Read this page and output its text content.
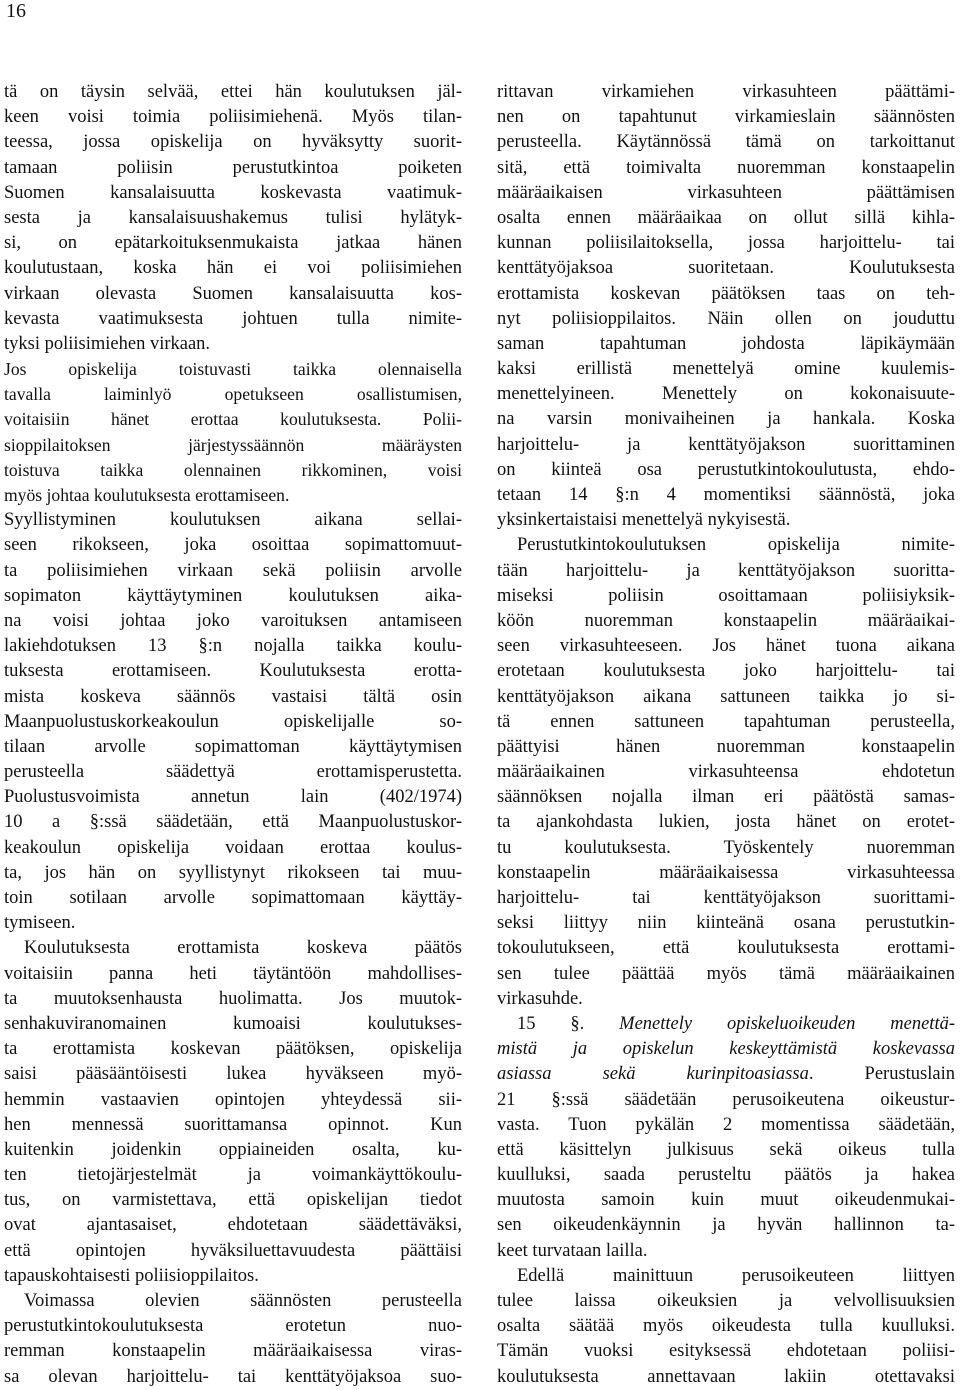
16
tä on täysin selvää, ettei hän koulutuksen jäl-
keen voisi toimia poliisimiehenä. Myös tilan-
teessa, jossa opiskelija on hyväksytty suorit-
tamaan poliisin perustutkintoa poiketen
Suomen kansalaisuutta koskevasta vaatimuk-
sesta ja kansalaisuushakemus tulisi hylätyk-
si, on epätarkoituksenmukaista jatkaa hänen
koulutustaan, koska hän ei voi poliisimiehen
virkaan olevasta Suomen kansalaisuutta kos-
kevasta vaatimuksesta johtuen tulla nimite-
tyksi poliisimiehen virkaan.
Jos opiskelija toistuvasti taikka olennaisella
tavalla laiminlyö opetukseen osallistumisen,
voitaisiin hänet erottaa koulutuksesta. Polii-
sioppilaitoksen järjestyssäännön määräysten
toistuva taikka olennainen rikkominen, voisi
myös johtaa koulutuksesta erottamiseen.
Syyllistyminen koulutuksen aikana sellai-
seen rikokseen, joka osoittaa sopimattomuut-
ta poliisimiehen virkaan sekä poliisin arvolle
sopimaton käyttäytyminen koulutuksen aika-
na voisi johtaa joko varoituksen antamiseen
lakiehdotuksen 13 §:n nojalla taikka koulu-
tuksesta erottamiseen. Koulutuksesta erotta-
mista koskeva säännös vastaisi tältä osin
Maanpuolustuskorkeakoulun opiskelijalle so-
tilaan arvolle sopimattoman käyttäytymisen
perusteella säädettyä erottamisperustetta.
Puolustusvoimista annetun lain (402/1974)
10 a §:ssä säädetään, että Maanpuolustuskor-
keakoulun opiskelija voidaan erottaa koulus-
ta, jos hän on syyllistynyt rikokseen tai muu-
toin sotilaan arvolle sopimattomaan käyttäy-
tymiseen.
Koulutuksesta erottamista koskeva päätös
voitaisiin panna heti täytäntöön mahdollises-
ta muutoksenhausta huolimatta. Jos muutok-
senhakuviranomainen kumoaisi koulutukses-
ta erottamista koskevan päätöksen, opiskelija
saisi pääsääntöisesti lukea hyväkseen myö-
hemmin vastaavien opintojen yhteydessä sii-
hen mennessä suorittamansa opinnot. Kun
kuitenkin joidenkin oppiaineiden osalta, ku-
ten tietojärjestelmät ja voimankäyttökoulu-
tus, on varmistettava, että opiskelijan tiedot
ovat ajantasaiset, ehdotetaan säädettäväksi,
että opintojen hyväksiluettavuudesta päättäisi
tapauskohtaisesti poliisioppilaitos.
Voimassa olevien säännösten perusteella
perustutkintokoulutuksesta erotetun nuo-
remman konstaapelin määräaikaisessa viras-
sa olevan harjoittelu- tai kenttätyöjaksoa suo-
rittavan virkamiehen virkasuhteen päättämi-
nen on tapahtunut virkamieslain säännösten
perusteella. Käytännössä tämä on tarkoittanut
sitä, että toimivalta nuoremman konstaapelin
määräaikaisen virkasuhteen päättämisen
osalta ennen määräaikaa on ollut sillä kihla-
kunnan poliisilaitoksella, jossa harjoittelu- tai
kenttätyöjaksoa suoritetaan. Koulutuksesta
erottamista koskevan päätöksen taas on teh-
nyt poliisioppilaitos. Näin ollen on jouduttu
saman tapahtuman johdosta läpikäymään
kaksi erillistä menettelyä omine kuulemis-
menettelyineen. Menettely on kokonaisuute-
na varsin monivaiheinen ja hankala. Koska
harjoittelu- ja kenttätyöjakson suorittaminen
on kiinteä osa perustutkintokoulutusta, ehdo-
tetaan 14 §:n 4 momentiksi säännöstä, joka
yksinkertaistaisi menettelyä nykyisestä.
Perustutkintokoulutuksen opiskelija nimite-
tään harjoittelu- ja kenttätyöjakson suoritta-
miseksi poliisin osoittamaan poliisiyksik-
köön nuoremman konstaapelin määräaikai-
seen virkasuhteeseen. Jos hänet tuona aikana
erotetaan koulutuksesta joko harjoittelu- tai
kenttätyöjakson aikana sattuneen taikka jo si-
tä ennen sattuneen tapahtuman perusteella,
päättyisi hänen nuoremman konstaapelin
määräaikainen virkasuhteensa ehdotetun
säännöksen nojalla ilman eri päätöstä samas-
ta ajankohdasta lukien, josta hänet on erotet-
tu koulutuksesta. Työskentely nuoremman
konstaapelin määräaikaisessa virkasuhteessa
harjoittelu- tai kenttätyöjakson suorittami-
seksi liittyy niin kiinteänä osana perustutkin-
tokoulutukseen, että koulutuksesta erottami-
sen tulee päättää myös tämä määräaikainen
virkasuhde.
15 §. Menettely opiskeluoikeuden menettä-
mistä ja opiskelun keskeyttämistä koskevassa
asiassa sekä kurinpitoasiassa. Perustuslain
21 §:ssä säädetään perusoikeutena oikeustur-
vasta. Tuon pykälän 2 momentissa säädetään,
että käsittelyn julkisuus sekä oikeus tulla
kuulluksi, saada perusteltu päätös ja hakea
muutosta samoin kuin muut oikeudenmukai-
sen oikeudenkäynnin ja hyvän hallinnon ta-
keet turvataan lailla.
Edellä mainittuun perusoikeuteen liittyen
tulee laissa oikeuksien ja velvollisuuksien
osalta säätää myös oikeudesta tulla kuulluksi.
Tämän vuoksi esityksessä ehdotetaan poliisi-
koulutuksesta annettavaan lakiin otettavaksi
